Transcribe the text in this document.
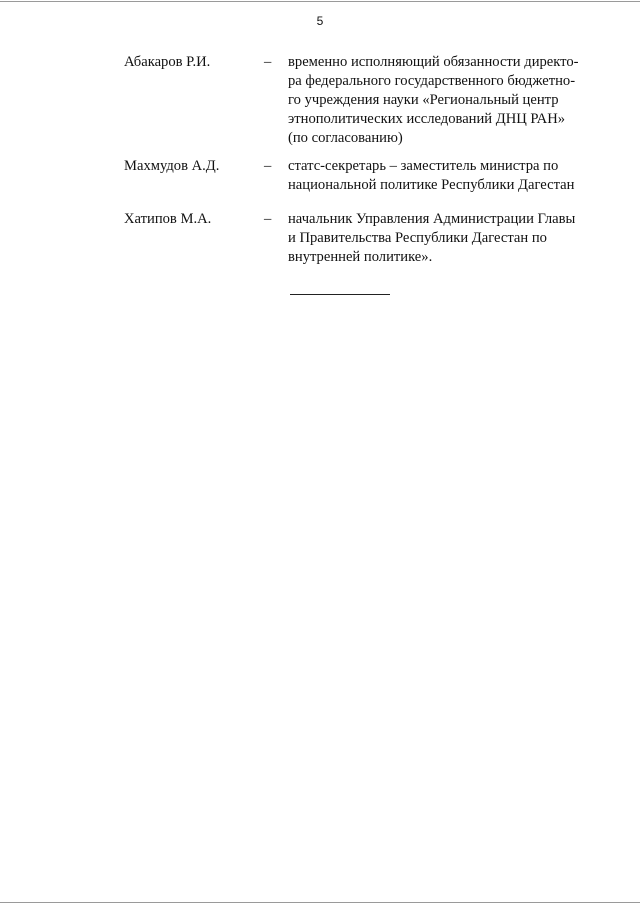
5
Абакаров Р.И.	– временно исполняющий обязанности директо-
ра федерального государственного бюджетно-
го учреждения науки «Региональный центр
этнополитических исследований ДНЦ РАН»
(по согласованию)
Махмудов А.Д.	– статс-секретарь – заместитель министра по
национальной политике Республики Дагестан
Хатипов М.А.	– начальник Управления Администрации Главы
и Правительства Республики Дагестан по
внутренней политике».
